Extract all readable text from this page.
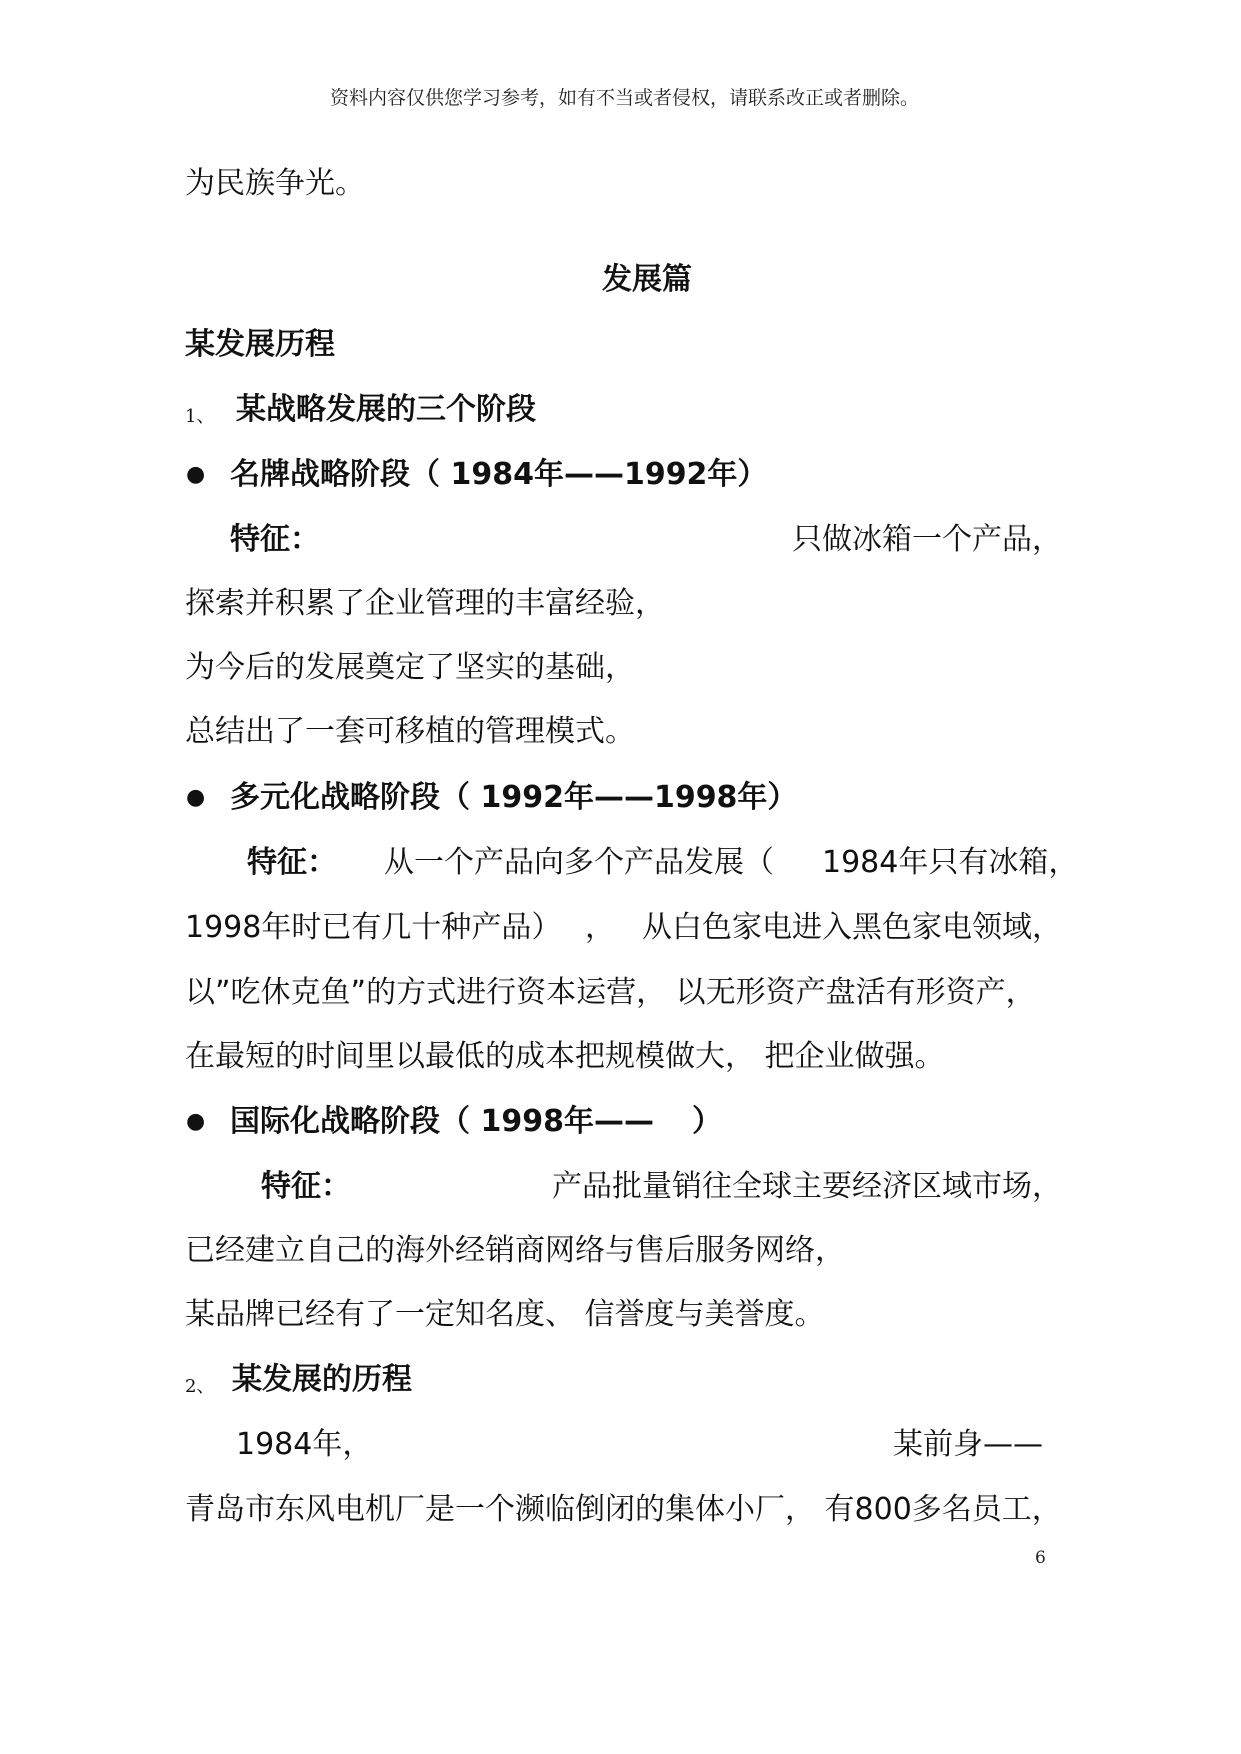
资料内容仅供您学习参考，如有不当或者侵权，请联系改正或者删除。
为民族争光。
发展篇
某发展历程
1、 某战略发展的三个阶段
● 名牌战略阶段（ 1984年——1992年）
特征：	只做冰箱一个产品，
探索并积累了企业管理的丰富经验，
为今后的发展奠定了坚实的基础，
总结出了一套可移植的管理模式。
● 多元化战略阶段（ 1992年——1998年）
特征： 从一个产品向多个产品发展（ 1984年只有冰箱，
1998年时已有几十种产品） ， 从白色家电进入黑色家电领域，
以”吃休克鱼”的方式进行资本运营， 以无形资产盘活有形资产，
在最短的时间里以最低的成本把规模做大， 把企业做强。
● 国际化战略阶段（ 1998年—— ）
特征：	产品批量销往全球主要经济区域市场，
已经建立自己的海外经销商网络与售后服务网络，
某品牌已经有了一定知名度、 信誉度与美誉度。
2、 某发展的历程
1984年，	某前身——
青岛市东风电机厂是一个濒临倒闭的集体小厂， 有800多名员工，
6
